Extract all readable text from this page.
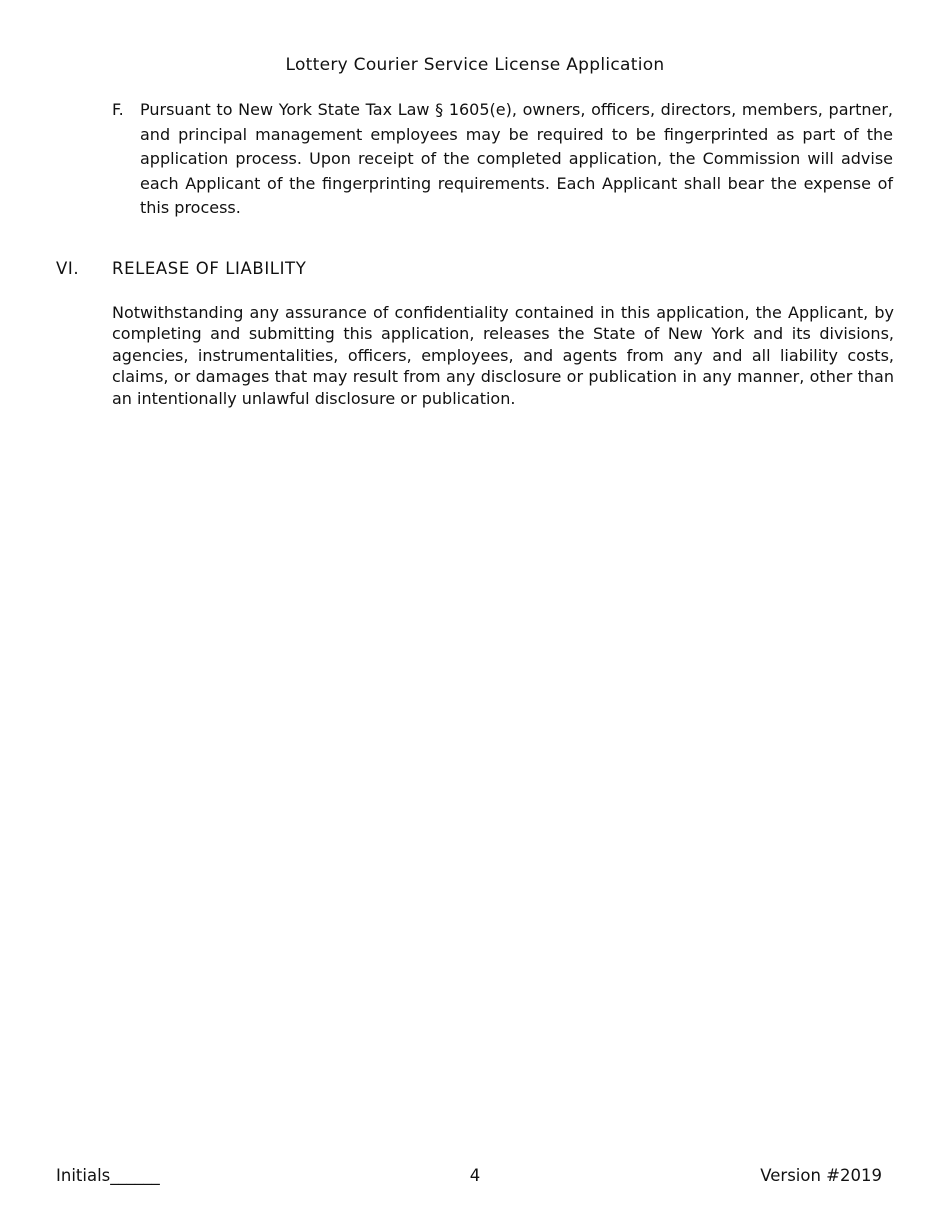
Lottery Courier Service License Application
F.	Pursuant to New York State Tax Law § 1605(e), owners, officers, directors, members, partner, and principal management employees may be required to be fingerprinted as part of the application process. Upon receipt of the completed application, the Commission will advise each Applicant of the fingerprinting requirements. Each Applicant shall bear the expense of this process.
VI.	RELEASE OF LIABILITY
Notwithstanding any assurance of confidentiality contained in this application, the Applicant, by completing and submitting this application, releases the State of New York and its divisions, agencies, instrumentalities, officers, employees, and agents from any and all liability costs, claims, or damages that may result from any disclosure or publication in any manner, other than an intentionally unlawful disclosure or publication.
Initials______	4	Version #2019
